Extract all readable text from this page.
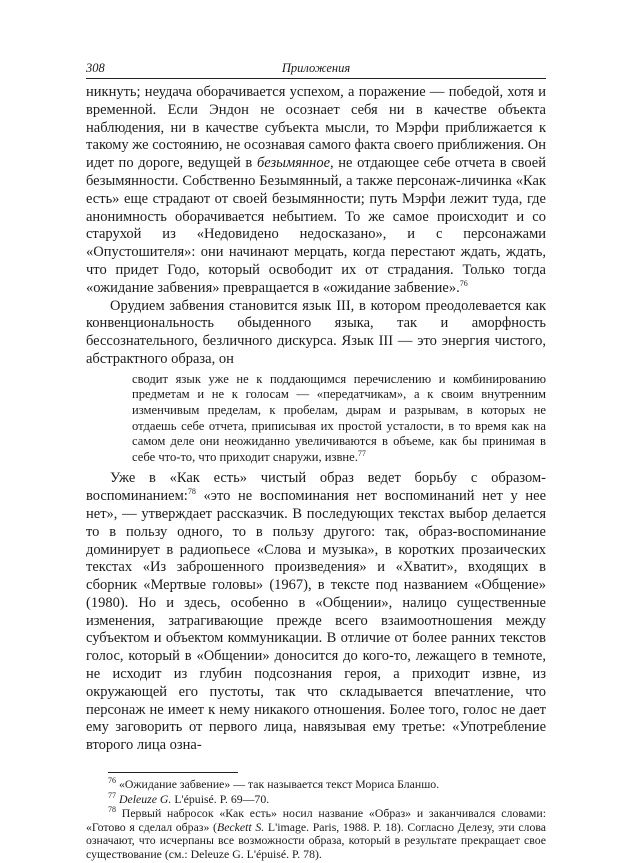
308	Приложения

никнуть; неудача оборачивается успехом, а поражение — победой, хотя и временной. Если Эндон не осознает себя ни в качестве объекта наблюдения, ни в качестве субъекта мысли, то Мэрфи приближается к такому же состоянию, не осознавая самого факта своего приближения. Он идет по дороге, ведущей в безымянное, не отдающее себе отчета в своей безымянности. Собственно Безымянный, а также персонаж-личинка «Как есть» еще страдают от своей безымянности; путь Мэрфи лежит туда, где анонимность оборачивается небытием. То же самое происходит и со старухой из «Недовидено недосказано», и с персонажами «Опустошителя»: они начинают мерцать, когда перестают ждать, ждать, что придет Годо, который освободит их от страдания. Только тогда «ожидание забвения» превращается в «ожидание забвение».$^{76}$

Орудием забвения становится язык III, в котором преодолевается как конвенциональность обыденного языка, так и аморфность бессознательного, безличного дискурса. Язык III — это энергия чистого, абстрактного образа, он

сводит язык уже не к поддающимся перечислению и комбинированию предметам и не к голосам — «передатчикам», а к своим внутренним изменчивым пределам, к пробелам, дырам и разрывам, в которых не отдаешь себе отчета, приписывая их простой усталости, в то время как на самом деле они неожиданно увеличиваются в объеме, как бы принимая в себе что-то, что приходит снаружи, извне.$^{77}$

Уже в «Как есть» чистый образ ведет борьбу с образом-воспоминанием:$^{78}$ «это не воспоминания нет воспоминаний нет у нее нет», — утверждает рассказчик. В последующих текстах выбор делается то в пользу одного, то в пользу другого: так, образ-воспоминание доминирует в радиопьесе «Слова и музыка», в коротких прозаических текстах «Из заброшенного произведения» и «Хватит», входящих в сборник «Мертвые головы» (1967), в тексте под названием «Общение» (1980). Но и здесь, особенно в «Общении», налицо существенные изменения, затрагивающие прежде всего взаимоотношения между субъектом и объектом коммуникации. В отличие от более ранних текстов голос, который в «Общении» доносится до кого-то, лежащего в темноте, не исходит из глубин подсознания героя, а приходит извне, из окружающей его пустоты, так что складывается впечатление, что персонаж не имеет к нему никакого отношения. Более того, голос не дает ему заговорить от первого лица, навязывая ему третье: «Употребление второго лица озна-

$^{76}$ «Ожидание забвение» — так называется текст Мориса Бланшо.

$^{77}$ Deleuze G. L'épuisé. P. 69—70.

$^{78}$ Первый набросок «Как есть» носил название «Образ» и заканчивался словами: «Готово я сделал образ» (Beckett S. L'image. Paris, 1988. P. 18). Согласно Делезу, эти слова означают, что исчерпаны все возможности образа, который в результате прекращает свое существование (см.: Deleuze G. L'épuisé. P. 78).
